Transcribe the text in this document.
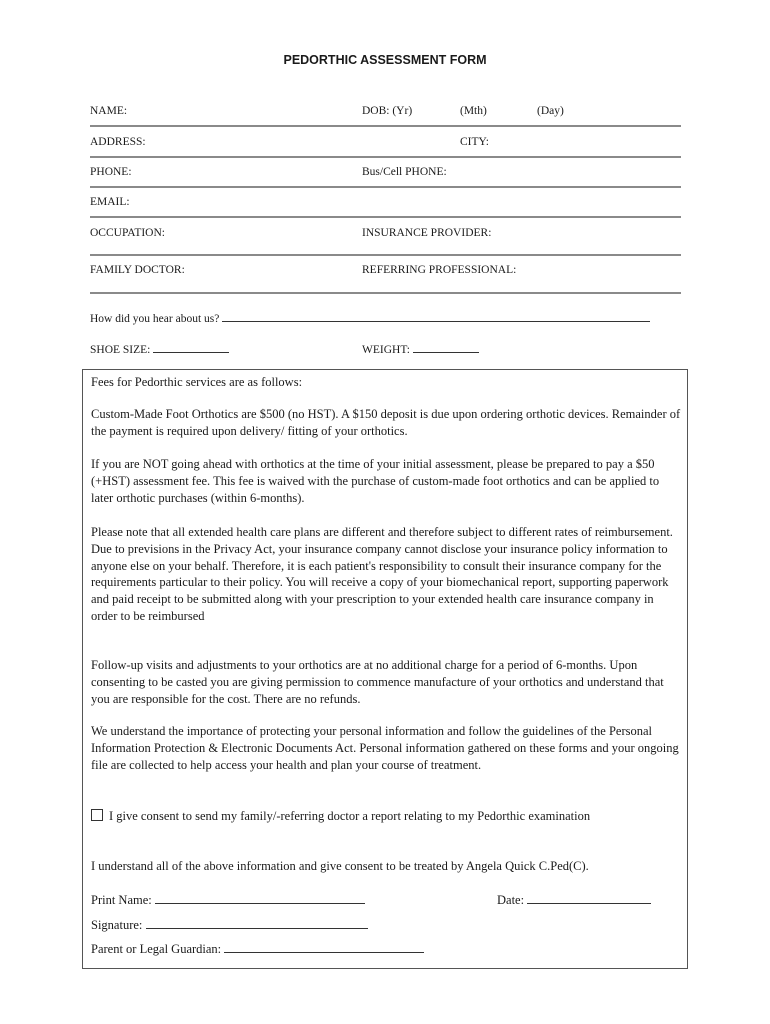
PEDORTHIC ASSESSMENT FORM
NAME:	DOB: (Yr)	(Mth)	(Day)
ADDRESS:	CITY:
PHONE:	Bus/Cell PHONE:
EMAIL:
OCCUPATION:	INSURANCE PROVIDER:
FAMILY DOCTOR:	REFERRING PROFESSIONAL:
How did you hear about us?
SHOE SIZE:	WEIGHT:

Fees for Pedorthic services are as follows:

Custom-Made Foot Orthotics are $500 (no HST). A $150 deposit is due upon ordering orthotic devices. Remainder of the payment is required upon delivery/ fitting of your orthotics.

If you are NOT going ahead with orthotics at the time of your initial assessment, please be prepared to pay a $50 (+HST) assessment fee. This fee is waived with the purchase of custom-made foot orthotics and can be applied to later orthotic purchases (within 6-months).

Please note that all extended health care plans are different and therefore subject to different rates of reimbursement. Due to previsions in the Privacy Act, your insurance company cannot disclose your insurance policy information to anyone else on your behalf. Therefore, it is each patient's responsibility to consult their insurance company for the requirements particular to their policy. You will receive a copy of your biomechanical report, supporting paperwork and paid receipt to be submitted along with your prescription to your extended health care insurance company in order to be reimbursed

Follow-up visits and adjustments to your orthotics are at no additional charge for a period of 6-months. Upon consenting to be casted you are giving permission to commence manufacture of your orthotics and understand that you are responsible for the cost. There are no refunds.

We understand the importance of protecting your personal information and follow the guidelines of the Personal Information Protection & Electronic Documents Act. Personal information gathered on these forms and your ongoing file are collected to help access your health and plan your course of treatment.

I give consent to send my family/-referring doctor a report relating to my Pedorthic examination

I understand all of the above information and give consent to be treated by Angela Quick C.Ped(C).

Print Name:	Date:
Signature:
Parent or Legal Guardian:
